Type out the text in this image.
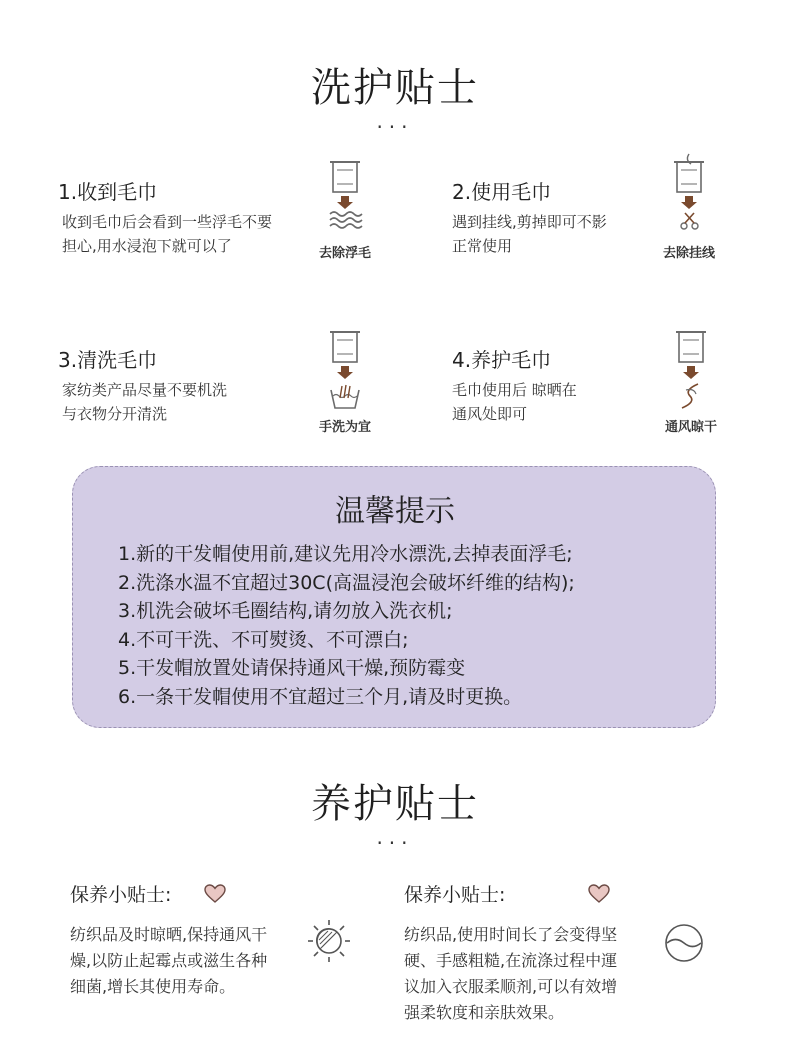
洗护贴士
···
1.收到毛巾
收到毛巾后会看到一些浮毛不要
担心,用水浸泡下就可以了	去除浮毛
2.使用毛巾
遇到挂线,剪掉即可不影
正常使用	去除挂线
3.清洗毛巾
家纺类产品尽量不要机洗
与衣物分开清洗
手洗为宜
4.养护毛巾
毛巾使用后 晾晒在
通风处即可
通风晾干
温馨提示
1.新的干发帽使用前,建议先用冷水漂洗,去掉表面浮毛;
2.洗涤水温不宜超过30C(高温浸泡会破坏纤维的结构);
3.机洗会破坏毛圈结构,请勿放入洗衣机;
4.不可干洗、不可熨烫、不可漂白;
5.干发帽放置处请保持通风干燥,预防霉变
6.一条干发帽使用不宜超过三个月,请及时更换。
养护贴士
···
保养小贴士:
纺织品及时晾晒,保持通风干
燥,以防止起霉点或滋生各种
细菌,增长其使用寿命。
保养小贴士:
纺织品,使用时间长了会变得坚
硬、手感粗糙,在流涤过程中運
议加入衣服柔顺剂,可以有效增
强柔软度和亲肤效果。
